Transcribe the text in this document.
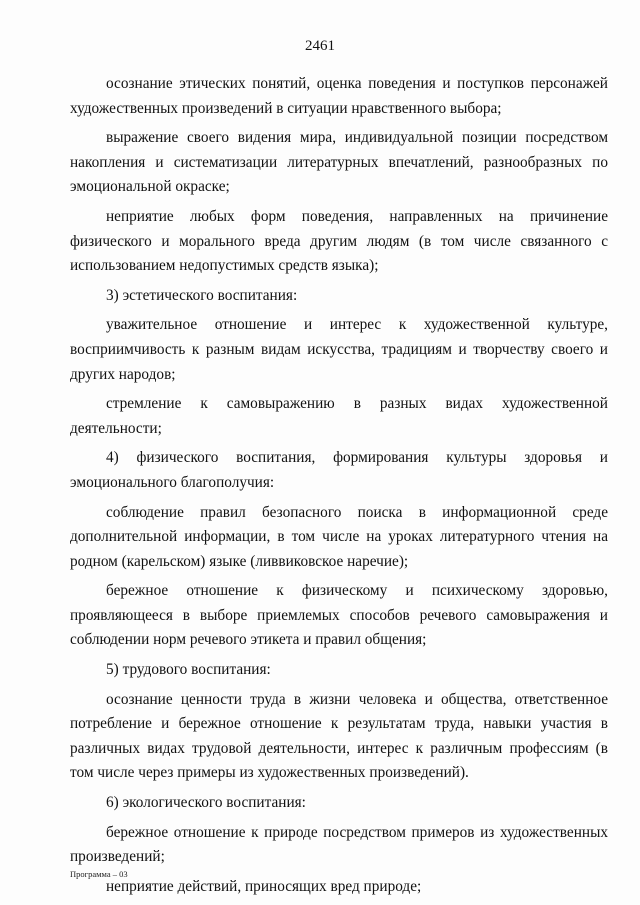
2461

осознание этических понятий, оценка поведения и поступков персонажей художественных произведений в ситуации нравственного выбора;

выражение своего видения мира, индивидуальной позиции посредством накопления и систематизации литературных впечатлений, разнообразных по эмоциональной окраске;

неприятие любых форм поведения, направленных на причинение физического и морального вреда другим людям (в том числе связанного с использованием недопустимых средств языка);

3) эстетического воспитания:

уважительное отношение и интерес к художественной культуре, восприимчивость к разным видам искусства, традициям и творчеству своего и других народов;

стремление к самовыражению в разных видах художественной деятельности;

4) физического воспитания, формирования культуры здоровья и эмоционального благополучия:

соблюдение правил безопасного поиска в информационной среде дополнительной информации, в том числе на уроках литературного чтения на родном (карельском) языке (ливвиковское наречие);

бережное отношение к физическому и психическому здоровью, проявляющееся в выборе приемлемых способов речевого самовыражения и соблюдении норм речевого этикета и правил общения;

5) трудового воспитания:

осознание ценности труда в жизни человека и общества, ответственное потребление и бережное отношение к результатам труда, навыки участия в различных видах трудовой деятельности, интерес к различным профессиям (в том числе через примеры из художественных произведений).

6) экологического воспитания:

бережное отношение к природе посредством примеров из художественных произведений;

неприятие действий, приносящих вред природе;

Программа – 03
